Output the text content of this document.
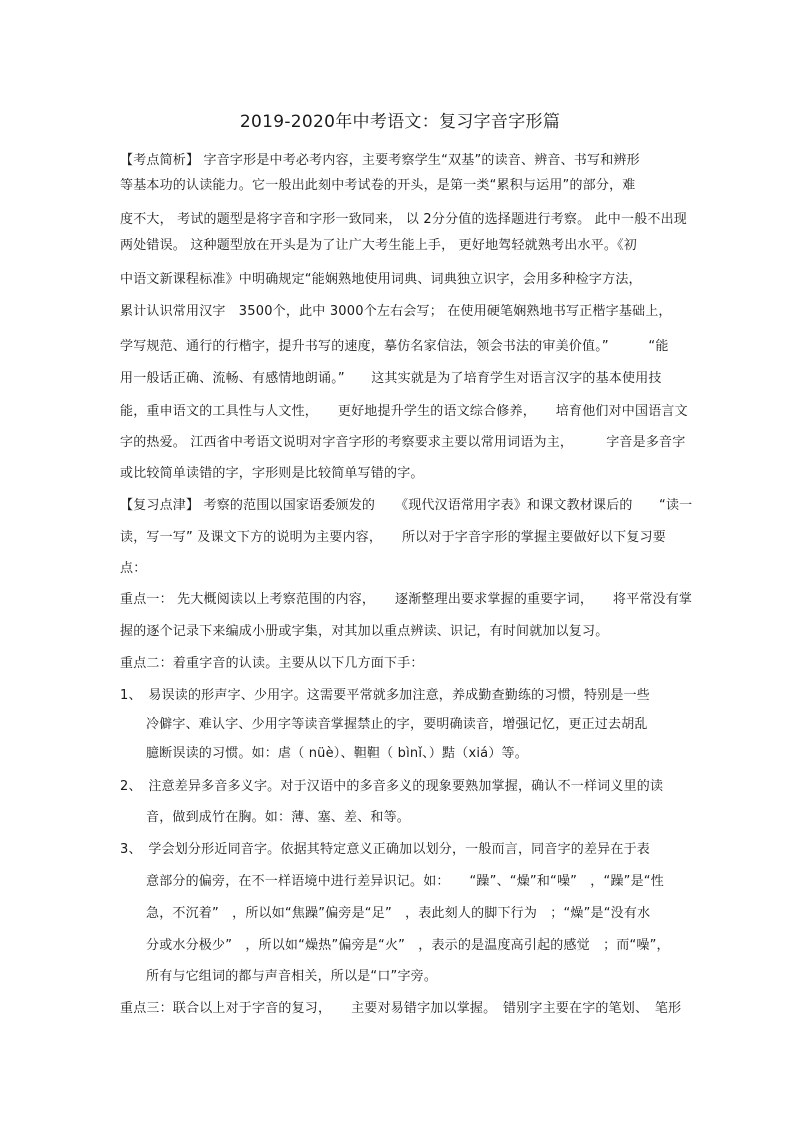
2019-2020年中考语文：复习字音字形篇
【考点简析】 字音字形是中考必考内容，主要考察学生“双基”的读音、辨音、书写和辨形
等基本功的认读能力。它一般出此刻中考试卷的开头，是第一类“累积与运用”的部分，难
度不大， 考试的题型是将字音和字形一致同来， 以 2分分值的选择题进行考察。 此中一般不出现
两处错误。 这种题型放在开头是为了让广大考生能上手， 更好地驾轻就熟考出水平。《初
中语文新课程标准》中明确规定“能娴熟地使用词典、词典独立识字，会用多种检字方法，
累计认识常用汉字　3500个，此中 3000个左右会写； 在使用硬笔娴熟地书写正楷字基础上，
学写规范、通行的行楷字，提升书写的速度，摹仿名家信法，领会书法的审美价值。”　　　“能
用一般话正确、流畅、有感情地朗诵。”　　这其实就是为了培育学生对语言汉字的基本使用技
能，重申语文的工具性与人文性，　　更好地提升学生的语文综合修养，　　培育他们对中国语言文
字的热爱。 江西省中考语文说明对字音字形的考察要求主要以常用词语为主，　　　字音是多音字
或比较简单读错的字，字形则是比较简单写错的字。
【复习点津】 考察的范围以国家语委颁发的　　《现代汉语常用字表》和课文教材课后的　　“读一
读，写一写” 及课文下方的说明为主要内容，　　所以对于字音字形的掌握主要做好以下复习要
点：
重点一： 先大概阅读以上考察范围的内容，　　逐渐整理出要求掌握的重要字词，　　将平常没有掌
握的逐个记录下来编成小册或字集，对其加以重点辨读、识记，有时间就加以复习。
重点二：着重字音的认读。主要从以下几方面下手：
1、　易误读的形声字、少用字。这需要平常就多加注意，养成勤查勤练的习惯，特别是一些
冷僻字、难认字、少用字等读音掌握禁止的字，要明确读音，增强记忆，更正过去胡乱
臆断误读的习惯。如：虐（ nüè）、靼靼（ bìnǐ、）黠（xiá）等。
2、　注意差异多音多义字。对于汉语中的多音多义的现象要熟加掌握，确认不一样词义里的读
音，做到成竹在胸。如：薄、塞、差、和等。
3、　学会划分形近同音字。依据其特定意义正确加以划分，一般而言，同音字的差异在于表
意部分的偏旁，在不一样语境中进行差异识记。如：　　“躁”、“燥”和“噪”　，“躁”是“性
急，不沉着”　，所以如“焦躁”偏旁是“足”　，表此刻人的脚下行为　；“燥”是“没有水
分或水分极少”　，所以如“燥热”偏旁是“火”　，表示的是温度高引起的感觉　；而“噪”，
所有与它组词的都与声音相关，所以是“口”字旁。
重点三：联合以上对于字音的复习，　　主要对易错字加以掌握。　错别字主要在字的笔划、　笔形
